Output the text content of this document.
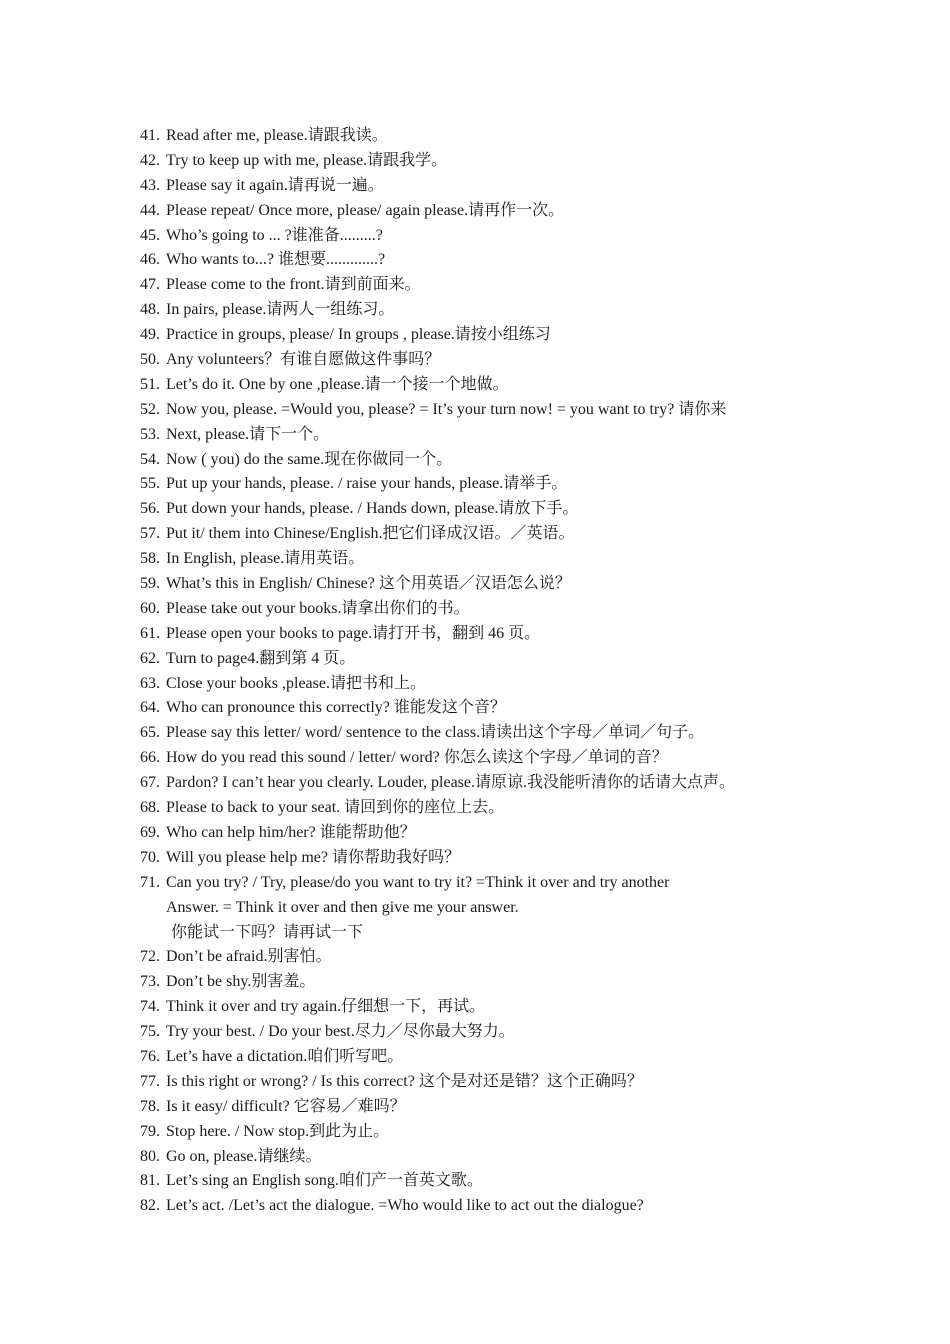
41. Read after me, please.请跟我读。
42. Try to keep up with me, please.请跟我学。
43. Please say it again.请再说一遍。
44. Please repeat/ Once more, please/ again please.请再作一次。
45. Who’s going to ... ?谁准备.........?
46. Who wants to...? 谁想要.............?
47. Please come to the front.请到前面来。
48. In pairs, please.请两人一组练习。
49. Practice in groups, please/ In groups , please.请按小组练习
50. Any volunteers？有谁自愿做这件事吗？
51. Let’s do it. One by one ,please.请一个接一个地做。
52. Now you, please. =Would you, please? = It’s your turn now! = you want to try? 请你来
53. Next, please.请下一个。
54. Now ( you) do the same.现在你做同一个。
55. Put up your hands, please. / raise your hands, please.请举手。
56. Put down your hands, please. / Hands down, please.请放下手。
57. Put it/ them into Chinese/English.把它们译成汉语。／英语。
58. In English, please.请用英语。
59. What’s this in English/ Chinese? 这个用英语／汉语怎么说？
60. Please take out your books.请拿出你们的书。
61. Please open your books to page.请打开书，翻到 46 页。
62. Turn to page4.翻到第 4 页。
63. Close your books ,please.请把书和上。
64. Who can pronounce this correctly? 谁能发这个音？
65. Please say this letter/ word/ sentence to the class.请读出这个字母／单词／句子。
66. How do you read this sound / letter/ word? 你怎么读这个字母／单词的音？
67. Pardon? I can’t hear you clearly. Louder, please.请原谅.我没能听清你的话请大点声。
68. Please to back to your seat. 请回到你的座位上去。
69. Who can help him/her? 谁能帮助他？
70. Will you please help me? 请你帮助我好吗？
71. Can you try? / Try, please/do you want to try it? =Think it over and try another
Answer. = Think it over and then give me your answer.
你能试一下吗？请再试一下
72. Don’t be afraid.别害怕。
73. Don’t be shy.别害羞。
74. Think it over and try again.仔细想一下，再试。
75. Try your best. / Do your best.尽力／尽你最大努力。
76. Let’s have a dictation.咱们听写吧。
77. Is this right or wrong? / Is this correct? 这个是对还是错？这个正确吗？
78. Is it easy/ difficult? 它容易／难吗？
79. Stop here. / Now stop.到此为止。
80. Go on, please.请继续。
81. Let’s sing an English song.咱们产一首英文歌。
82. Let’s act. /Let’s act the dialogue. =Who would like to act out the dialogue?
